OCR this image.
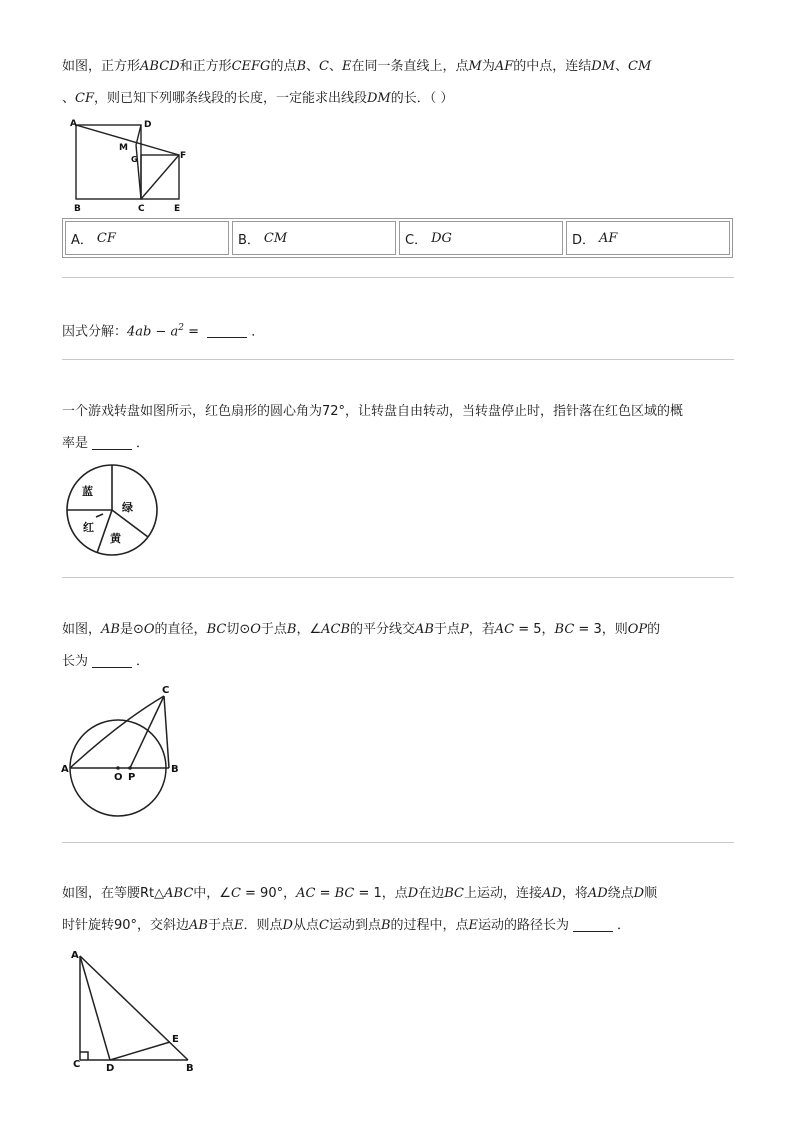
如图，正方形ABCD和正方形CEFG的点B、C、E在同一条直线上，点M为AF的中点，连结DM、CM
、CF，则已知下列哪条线段的长度，一定能求出线段DM的长．（ ）
A	D
M
G	F
B	C	E
A． CF	B． CM	C． DG	D． AF
因式分解：$4ab - a^2$ =	．
一个游戏转盘如图所示，红色扇形的圆心角为72°，让转盘自由转动，当转盘停止时，指针落在红色区域的概
率是	．
蓝
绿
红
黄
如图，AB是⊙O的直径，BC切⊙O于点B，∠ACB的平分线交AB于点P，若AC = 5，BC = 3，则OP的
长为	．
C
A
O P
B
如图，在等腰Rt△ABC中，∠C = 90°，AC = BC = 1，点D在边BC上运动，连接AD，将AD绕点D顺
时针旋转90°，交斜边AB于点E．则点D从点C运动到点B的过程中，点E运动的路径长为	．
A
E
C	D	B
